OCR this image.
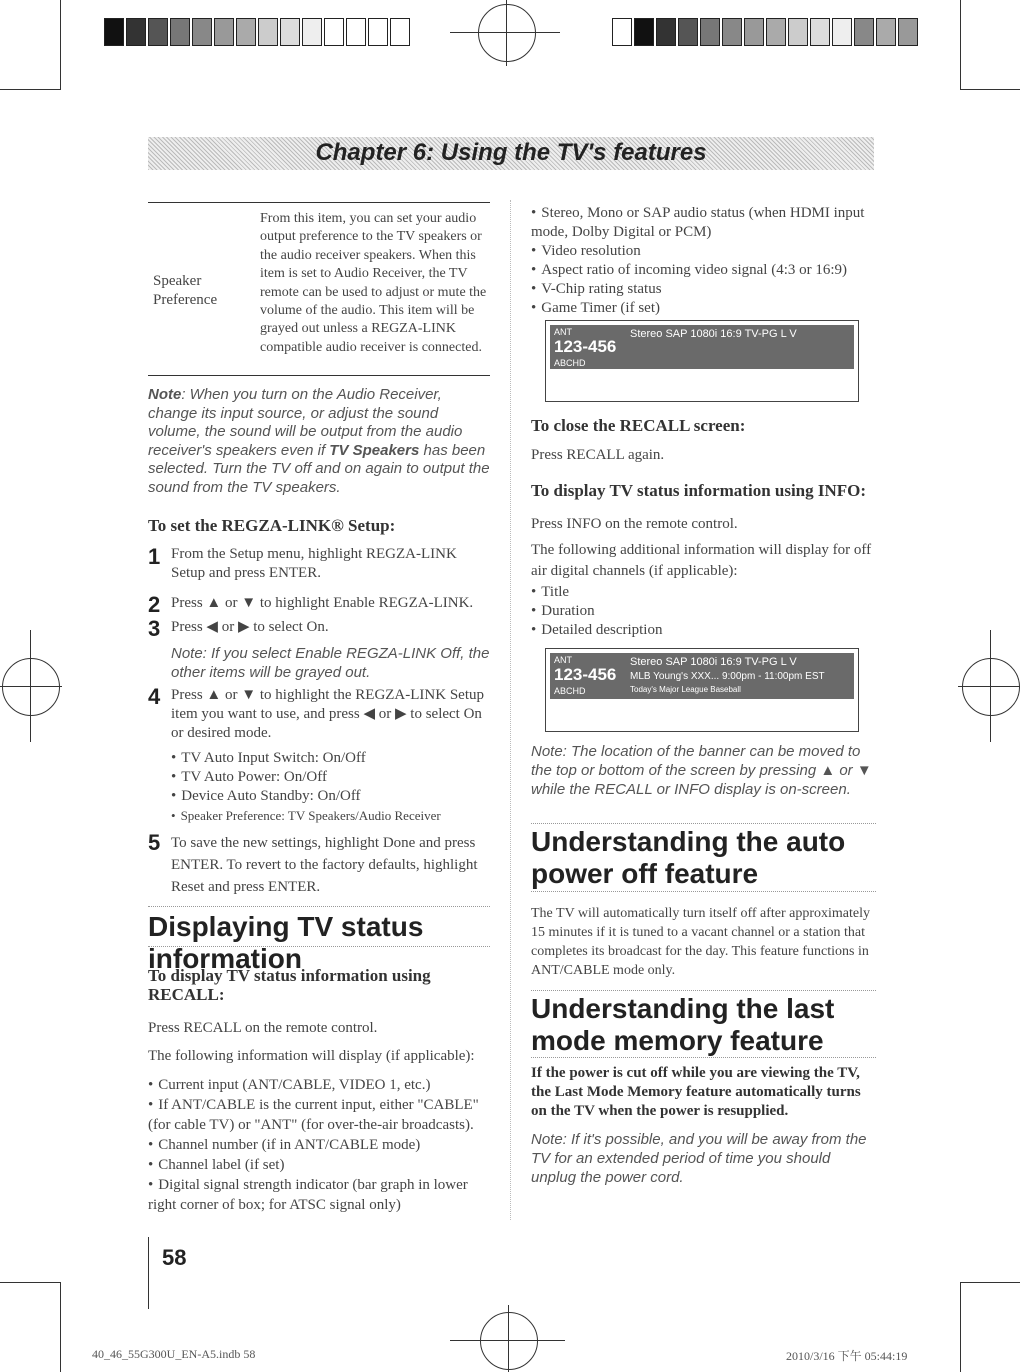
Chapter 6: Using the TV's features
Speaker Preference
From this item, you can set your audio output preference to the TV speakers or the audio receiver speakers. When this item is set to Audio Receiver, the TV remote can be used to adjust or mute the volume of the audio. This item will be grayed out unless a REGZA-LINK compatible audio receiver is connected.
Note: When you turn on the Audio Receiver, change its input source, or adjust the sound volume, the sound will be output from the audio receiver's speakers even if TV Speakers has been selected. Turn the TV off and on again to output the sound from the TV speakers.
To set the REGZA-LINK® Setup:
1 From the Setup menu, highlight REGZA-LINK Setup and press ENTER.
2 Press ▲ or ▼ to highlight Enable REGZA-LINK.
3 Press ◀ or ▶ to select On.
Note: If you select Enable REGZA-LINK Off, the other items will be grayed out.
4 Press ▲ or ▼ to highlight the REGZA-LINK Setup item you want to use, and press ◀ or ▶ to select On or desired mode.
• TV Auto Input Switch: On/Off
• TV Auto Power: On/Off
• Device Auto Standby: On/Off
• Speaker Preference: TV Speakers/Audio Receiver
5 To save the new settings, highlight Done and press ENTER. To revert to the factory defaults, highlight Reset and press ENTER.
Displaying TV status information
To display TV status information using RECALL:
Press RECALL on the remote control.
The following information will display (if applicable):
• Current input (ANT/CABLE, VIDEO 1, etc.)
• If ANT/CABLE is the current input, either "CABLE" (for cable TV) or "ANT" (for over-the-air broadcasts).
• Channel number (if in ANT/CABLE mode)
• Channel label (if set)
• Digital signal strength indicator (bar graph in lower right corner of box; for ATSC signal only)
• Stereo, Mono or SAP audio status (when HDMI input mode, Dolby Digital or PCM)
• Video resolution
• Aspect ratio of incoming video signal (4:3 or 16:9)
• V-Chip rating status
• Game Timer (if set)
ANT
123-456
ABCHD
Stereo SAP 1080i 16:9 TV-PG L V
To close the RECALL screen:
Press RECALL again.
To display TV status information using INFO:
Press INFO on the remote control.
The following additional information will display for off air digital channels (if applicable):
• Title
• Duration
• Detailed description
ANT
123-456
ABCHD
Stereo SAP 1080i 16:9 TV-PG L V
MLB Young's XXX... 9:00pm - 11:00pm EST
Today's Major League Baseball
Note: The location of the banner can be moved to the top or bottom of the screen by pressing ▲ or ▼ while the RECALL or INFO display is on-screen.
Understanding the auto power off feature
The TV will automatically turn itself off after approximately 15 minutes if it is tuned to a vacant channel or a station that completes its broadcast for the day. This feature functions in ANT/CABLE mode only.
Understanding the last mode memory feature
If the power is cut off while you are viewing the TV, the Last Mode Memory feature automatically turns on the TV when the power is resupplied.
Note: If it's possible, and you will be away from the TV for an extended period of time you should unplug the power cord.
58
40_46_55G300U_EN-A5.indb 58	2010/3/16 下午 05:44:19
